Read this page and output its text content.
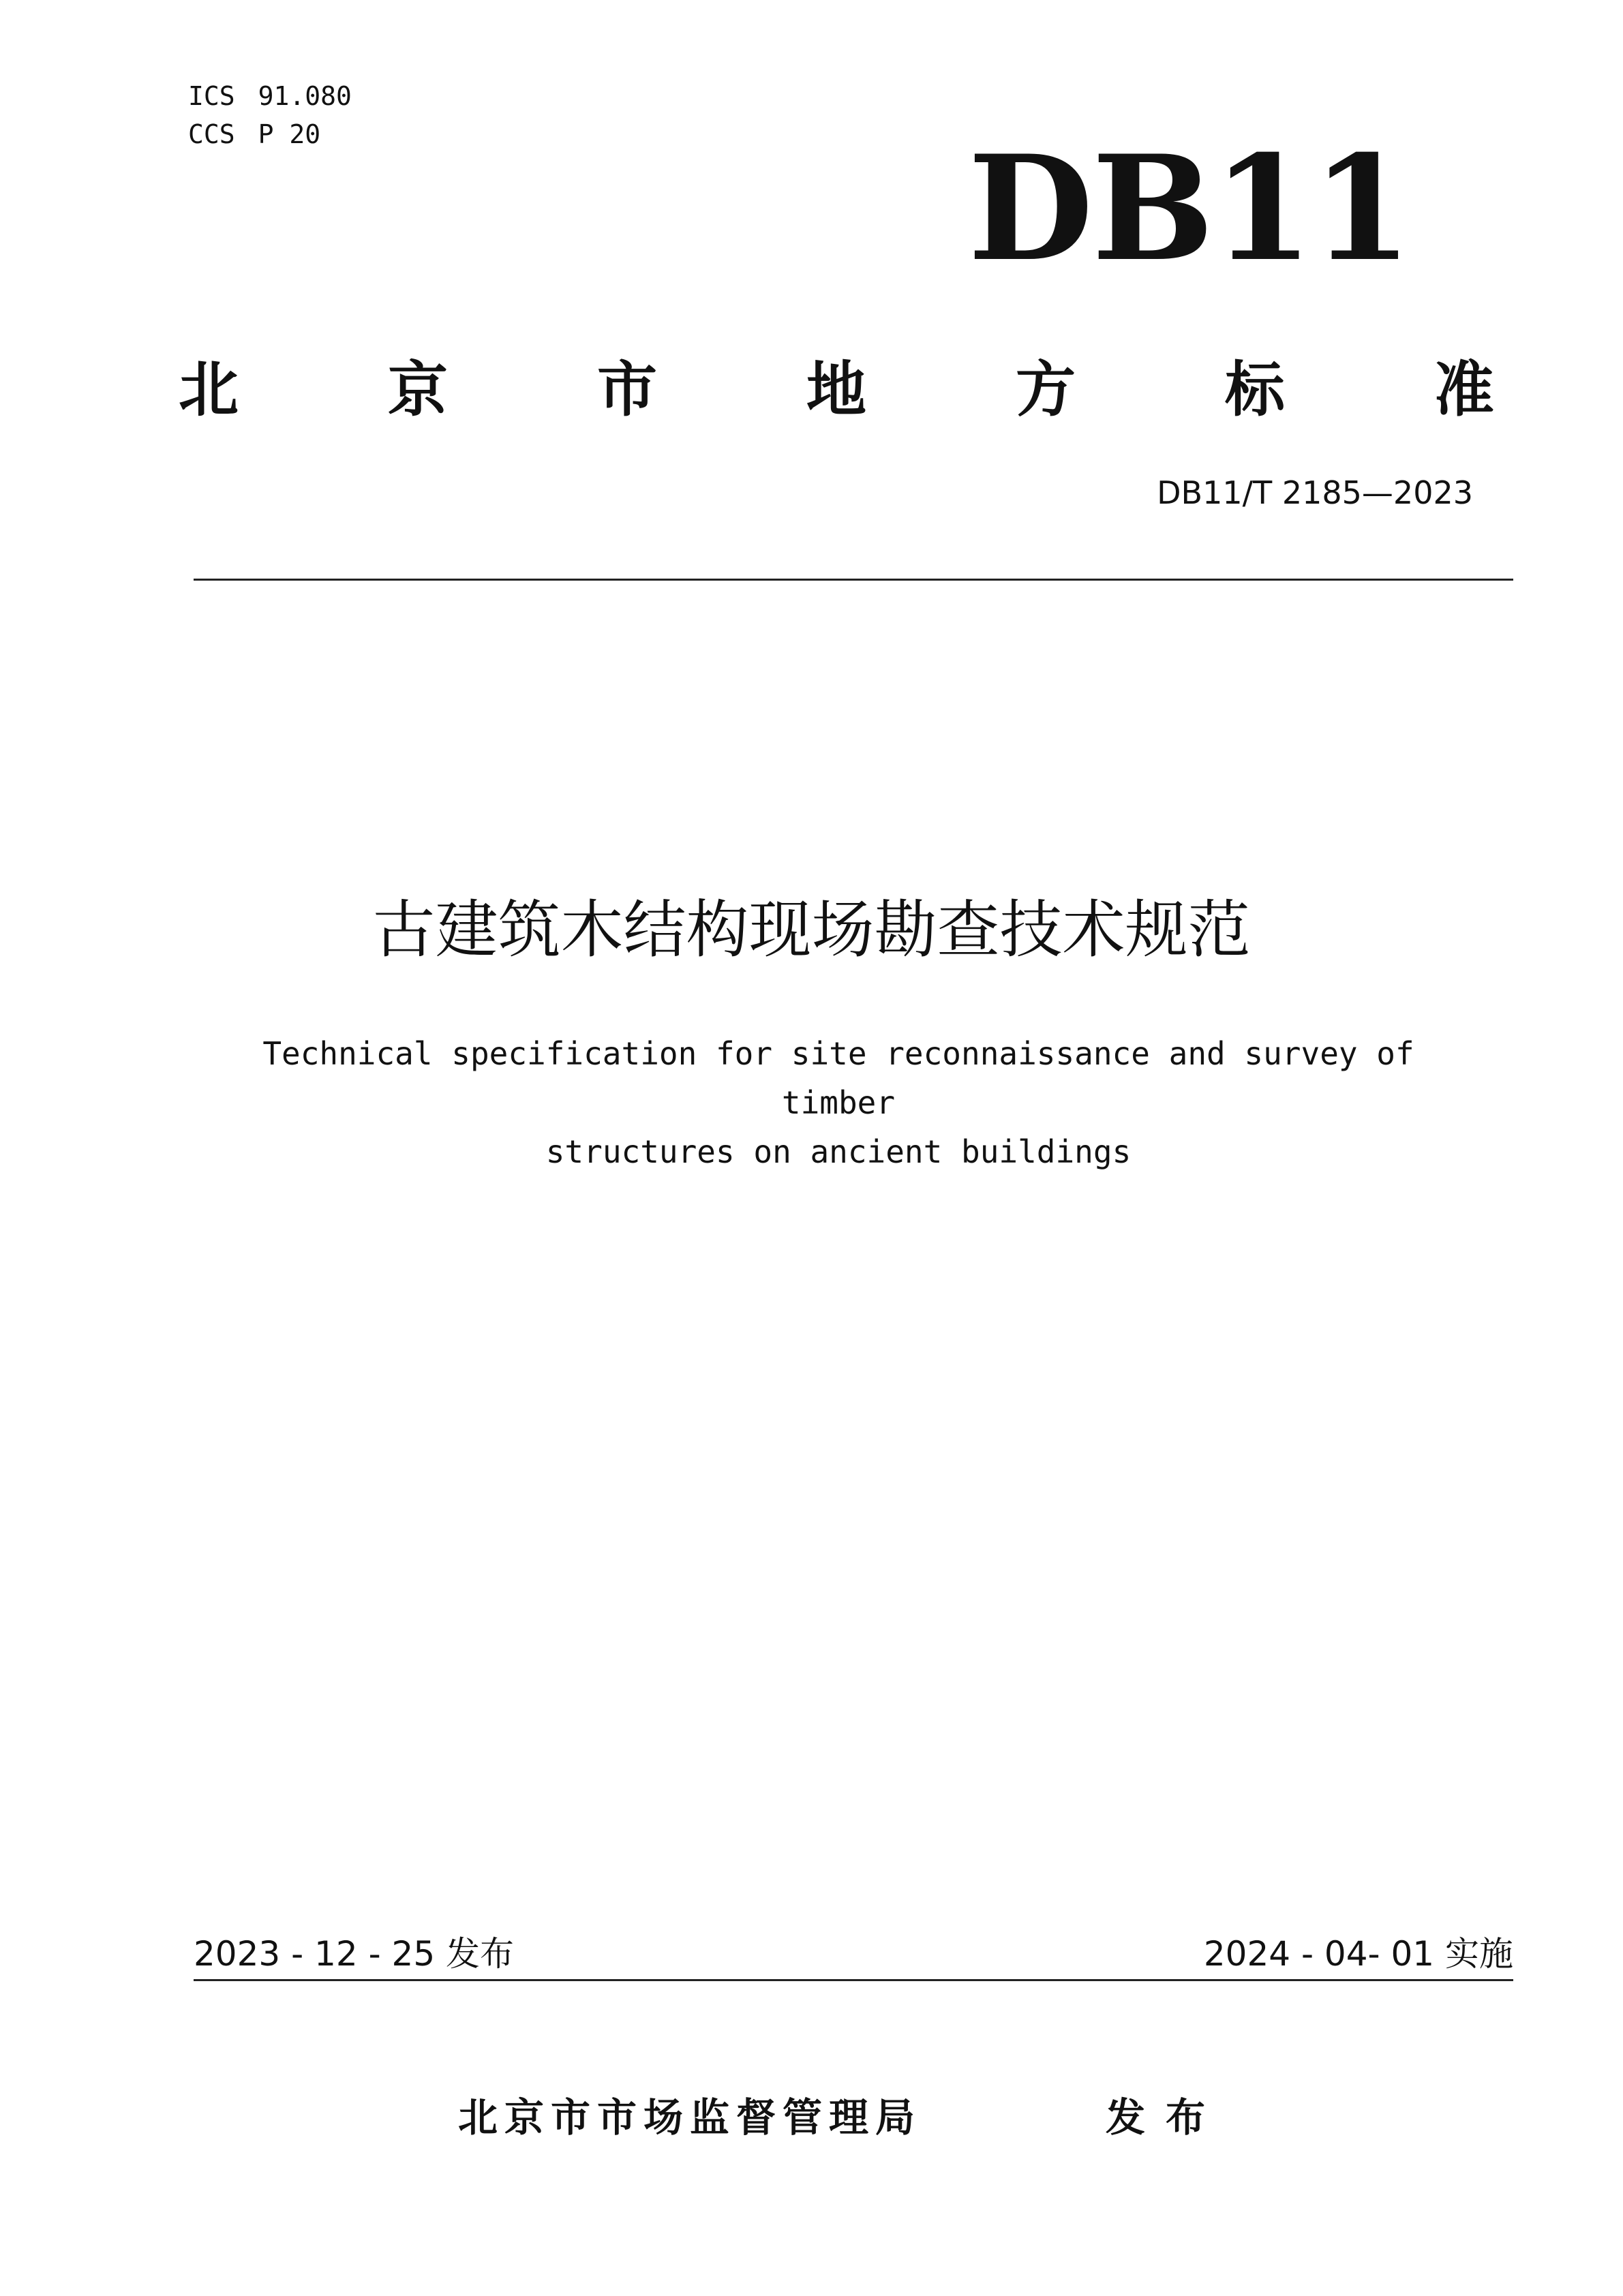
ICS 91.080
CCS P 20	DB11
北 京 市 地 方 标 准
DB11/T 2185—2023
古建筑木结构现场勘查技术规范
Technical specification for site reconnaissance and survey of timber
structures on ancient buildings
2023 - 12 - 25 发布	2024 - 04- 01 实施
北京市市场监督管理局	发布
